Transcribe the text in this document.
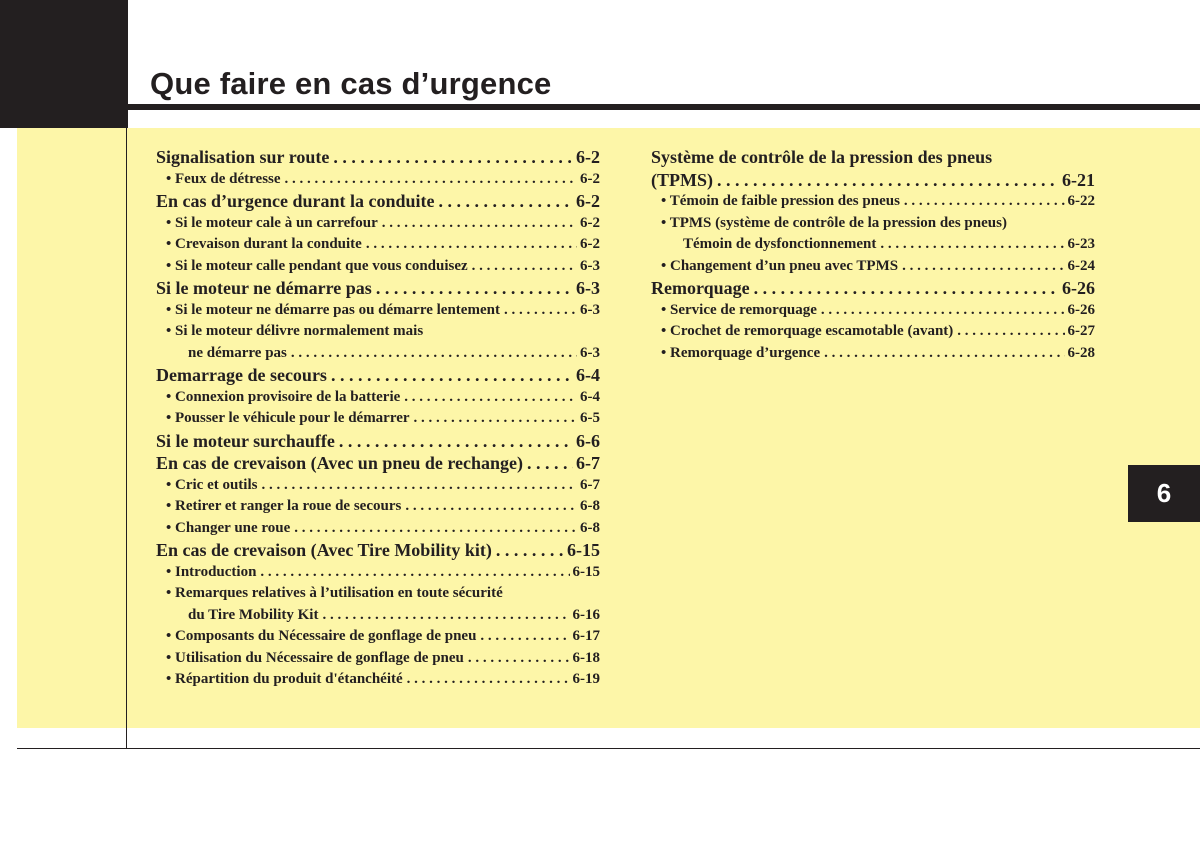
Que faire en cas d’urgence
6
Signalisation sur route . . .	6-2
• Feux de détresse . . .	6-2
En cas d’urgence durant la conduite . . .	6-2
• Si le moteur cale à un carrefour . . .	6-2
• Crevaison durant la conduite . . .	6-2
• Si le moteur calle pendant que vous conduisez . . .	6-3
Si le moteur ne démarre pas . . .	6-3
• Si le moteur ne démarre pas ou démarre lentement . . .	6-3
• Si le moteur délivre normalement mais
ne démarre pas . . .	6-3
Demarrage de secours . . .	6-4
• Connexion provisoire de la batterie . . .	6-4
• Pousser le véhicule pour le démarrer . . .	6-5
Si le moteur surchauffe . . .	6-6
En cas de crevaison (Avec un pneu de rechange) . . .	6-7
• Cric et outils . . .	6-7
• Retirer et ranger la roue de secours . . .	6-8
• Changer une roue . . .	6-8
En cas de crevaison (Avec Tire Mobility kit) . . .	6-15
• Introduction . . .	6-15
• Remarques relatives à l’utilisation en toute sécurité
du Tire Mobility Kit . . .	6-16
• Composants du Nécessaire de gonflage de pneu . . .	6-17
• Utilisation du Nécessaire de gonflage de pneu . . .	6-18
• Répartition du produit d'étanchéité . . .	6-19
Système de contrôle de la pression des pneus
(TPMS) . . .	6-21
• Témoin de faible pression des pneus . . .	6-22
• TPMS (système de contrôle de la pression des pneus)
Témoin de dysfonctionnement . . .	6-23
• Changement d’un pneu avec TPMS . . .	6-24
Remorquage . . .	6-26
• Service de remorquage . . .	6-26
• Crochet de remorquage escamotable (avant) . . .	6-27
• Remorquage d’urgence . . .	6-28
